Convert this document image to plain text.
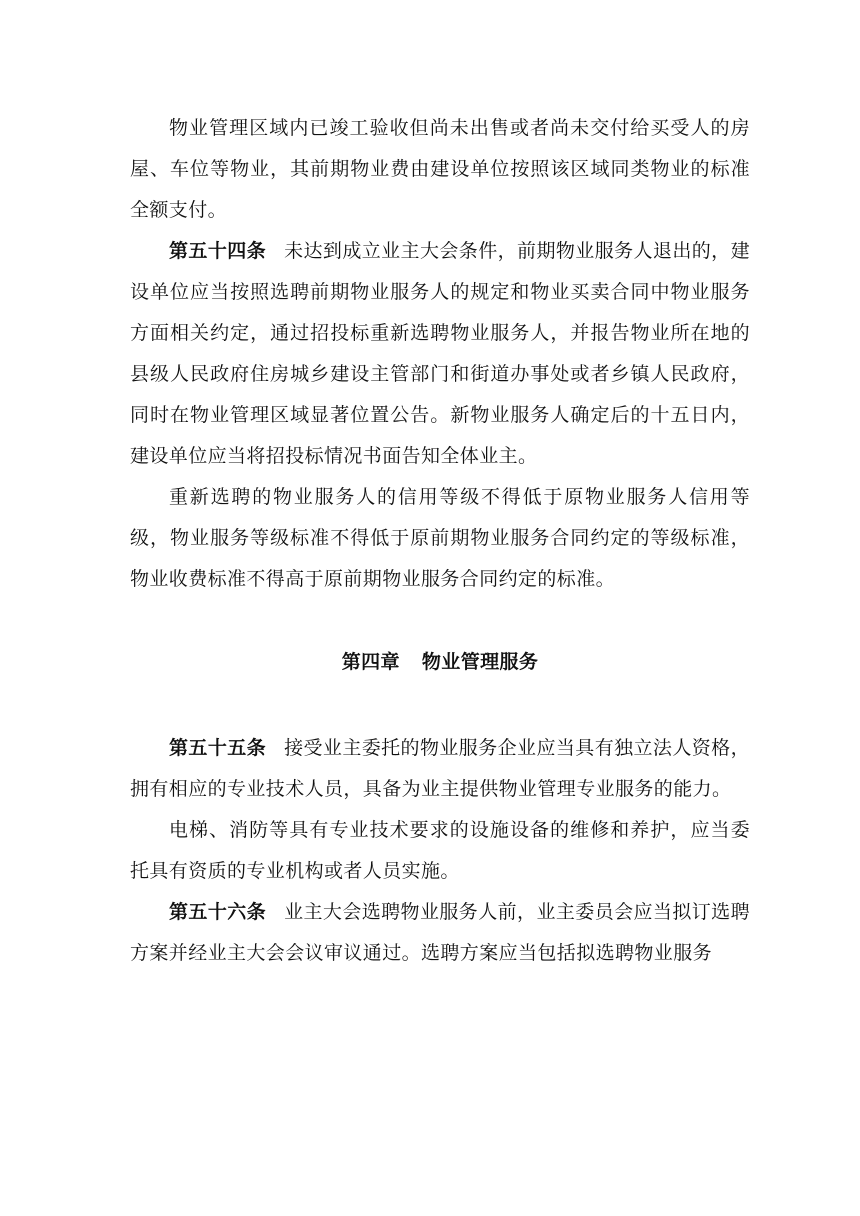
物业管理区域内已竣工验收但尚未出售或者尚未交付给买受人的房屋、车位等物业，其前期物业费由建设单位按照该区域同类物业的标准全额支付。

第五十四条 未达到成立业主大会条件，前期物业服务人退出的，建设单位应当按照选聘前期物业服务人的规定和物业买卖合同中物业服务方面相关约定，通过招投标重新选聘物业服务人，并报告物业所在地的县级人民政府住房城乡建设主管部门和街道办事处或者乡镇人民政府，同时在物业管理区域显著位置公告。新物业服务人确定后的十五日内，建设单位应当将招投标情况书面告知全体业主。

重新选聘的物业服务人的信用等级不得低于原物业服务人信用等级，物业服务等级标准不得低于原前期物业服务合同约定的等级标准，物业收费标准不得高于原前期物业服务合同约定的标准。

第四章 物业管理服务

第五十五条 接受业主委托的物业服务企业应当具有独立法人资格，拥有相应的专业技术人员，具备为业主提供物业管理专业服务的能力。

电梯、消防等具有专业技术要求的设施设备的维修和养护，应当委托具有资质的专业机构或者人员实施。

第五十六条 业主大会选聘物业服务人前，业主委员会应当拟订选聘方案并经业主大会会议审议通过。选聘方案应当包括拟选聘物业服务
